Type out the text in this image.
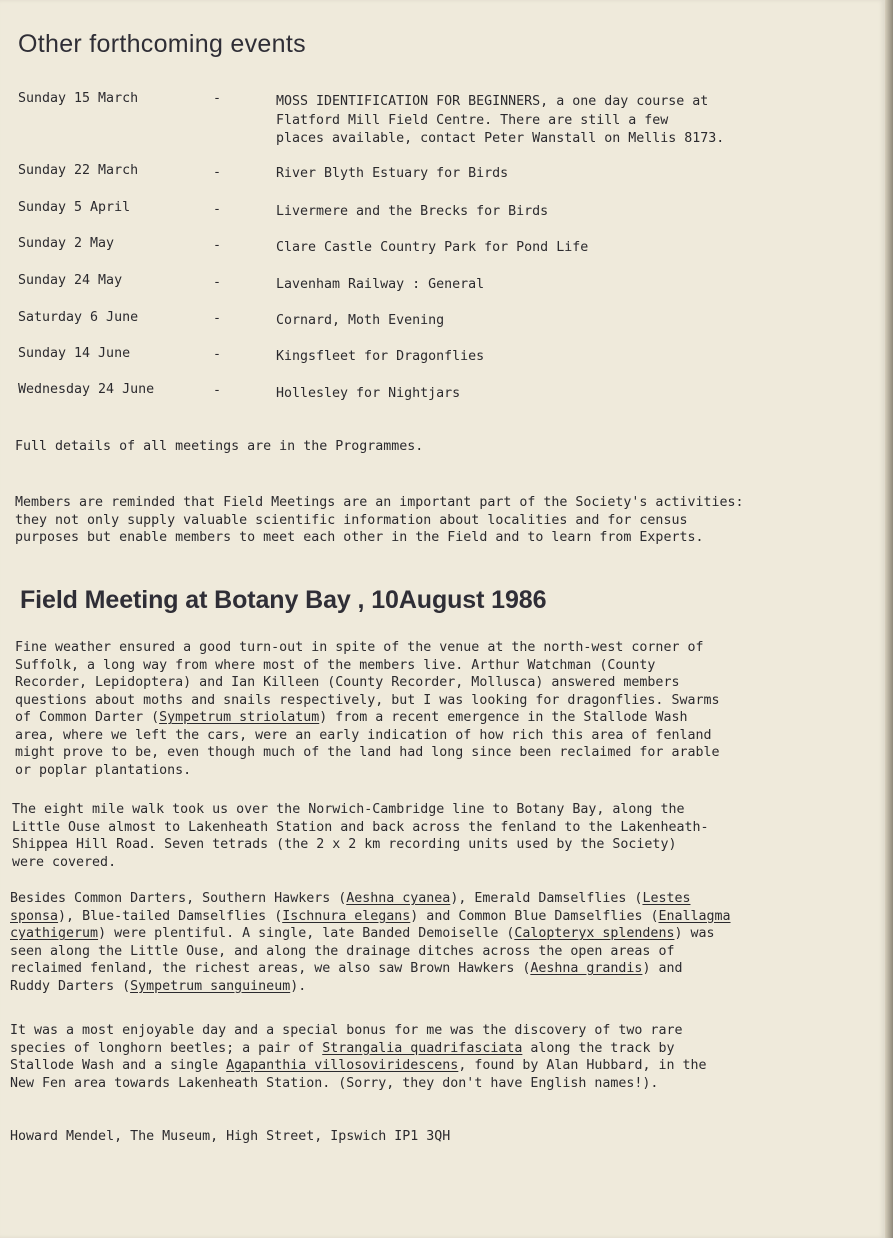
Other forthcoming events
Sunday 15 March	-	MOSS IDENTIFICATION FOR BEGINNERS, a one day course at
Flatford Mill Field Centre. There are still a few
places available, contact Peter Wanstall on Mellis 8173.
Sunday 22 March	-	River Blyth Estuary for Birds
Sunday 5 April	-	Livermere and the Brecks for Birds
Sunday 2 May	-	Clare Castle Country Park for Pond Life
Sunday 24 May	-	Lavenham Railway : General
Saturday 6 June	-	Cornard, Moth Evening
Sunday 14 June	-	Kingsfleet for Dragonflies
Wednesday 24 June	-	Hollesley for Nightjars

Full details of all meetings are in the Programmes.

Members are reminded that Field Meetings are an important part of the Society's activities:
they not only supply valuable scientific information about localities and for census
purposes but enable members to meet each other in the Field and to learn from Experts.

Field Meeting at Botany Bay , 10August 1986

Fine weather ensured a good turn-out in spite of the venue at the north-west corner of
Suffolk, a long way from where most of the members live. Arthur Watchman (County
Recorder, Lepidoptera) and Ian Killeen (County Recorder, Mollusca) answered members
questions about moths and snails respectively, but I was looking for dragonflies. Swarms
of Common Darter (Sympetrum striolatum) from a recent emergence in the Stallode Wash
area, where we left the cars, were an early indication of how rich this area of fenland
might prove to be, even though much of the land had long since been reclaimed for arable
or poplar plantations.

The eight mile walk took us over the Norwich-Cambridge line to Botany Bay, along the
Little Ouse almost to Lakenheath Station and back across the fenland to the Lakenheath-
Shippea Hill Road. Seven tetrads (the 2 x 2 km recording units used by the Society)
were covered.

Besides Common Darters, Southern Hawkers (Aeshna cyanea), Emerald Damselflies (Lestes
sponsa), Blue-tailed Damselflies (Ischnura elegans) and Common Blue Damselflies (Enallagma
cyathigerum) were plentiful. A single, late Banded Demoiselle (Calopteryx splendens) was
seen along the Little Ouse, and along the drainage ditches across the open areas of
reclaimed fenland, the richest areas, we also saw Brown Hawkers (Aeshna grandis) and
Ruddy Darters (Sympetrum sanguineum).

It was a most enjoyable day and a special bonus for me was the discovery of two rare
species of longhorn beetles; a pair of Strangalia quadrifasciata along the track by
Stallode Wash and a single Agapanthia villosoviridescens, found by Alan Hubbard, in the
New Fen area towards Lakenheath Station. (Sorry, they don't have English names!).

Howard Mendel, The Museum, High Street, Ipswich IP1 3QH
